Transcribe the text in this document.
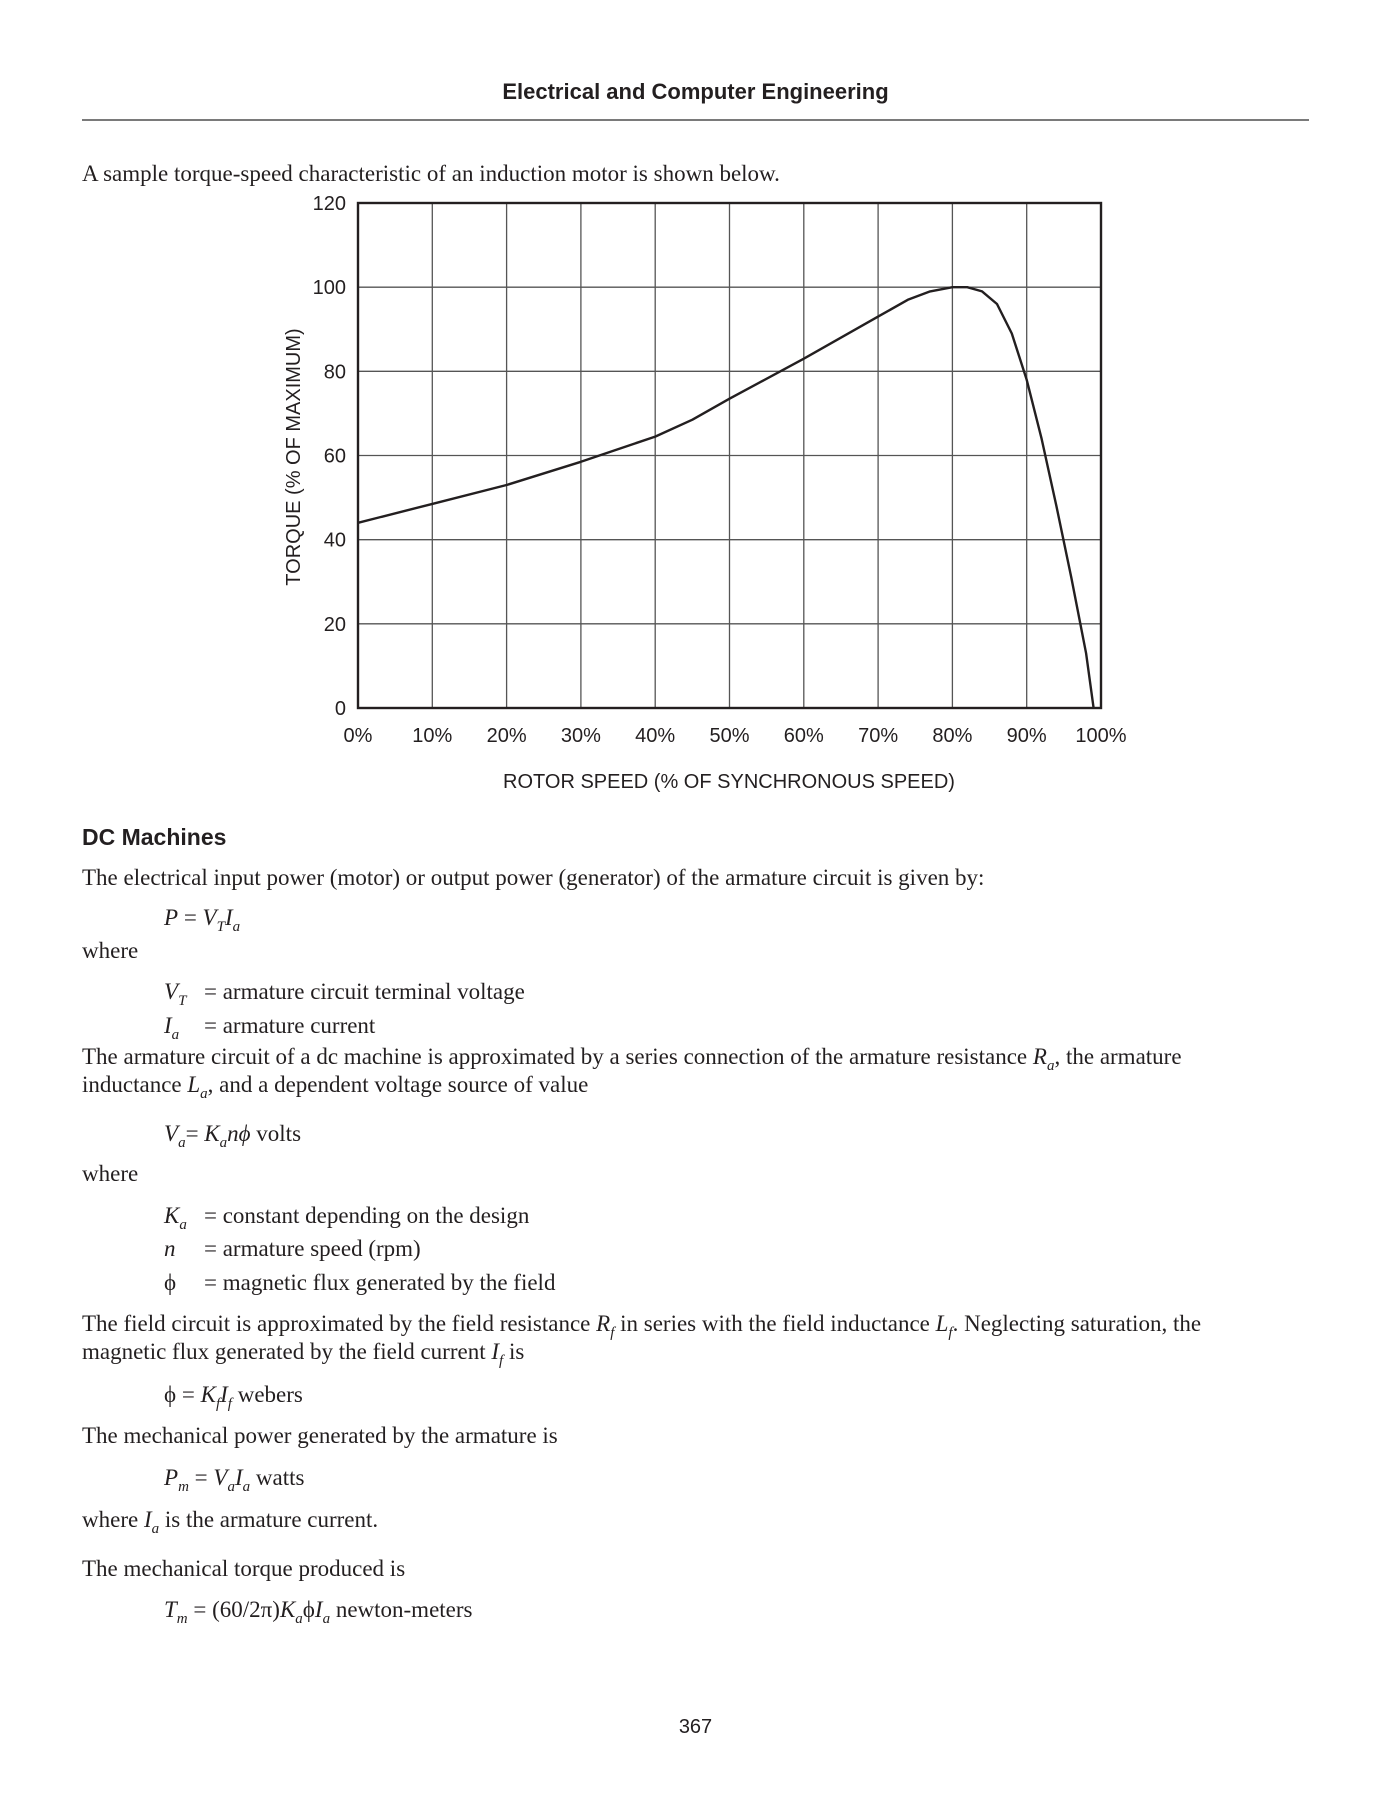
Electrical and Computer Engineering
A sample torque-speed characteristic of an induction motor is shown below.
0
20
40
60
80
100
120
0% 10% 20% 30% 40% 50% 60% 70% 80% 90% 100%
TORQUE (% OF MAXIMUM)
ROTOR SPEED (% OF SYNCHRONOUS SPEED)
DC Machines
The electrical input power (motor) or output power (generator) of the armature circuit is given by:
$P = V_TI_a$
where
$V_T$ = armature circuit terminal voltage
$I_a$ = armature current
The armature circuit of a dc machine is approximated by a series connection of the armature resistance $R_a$, the armature
inductance $L_a$, and a dependent voltage source of value
$V_a= K_an\phi$ volts
where
$K_a$ = constant depending on the design
n = armature speed (rpm)
ϕ = magnetic flux generated by the field
The field circuit is approximated by the field resistance $R_f$ in series with the field inductance $L_f$. Neglecting saturation, the
magnetic flux generated by the field current $I_f$ is
$\phi = K_fI_f$ webers
The mechanical power generated by the armature is
$P_m = V_aI_a$ watts
where $I_a$ is the armature current.
The mechanical torque produced is
$T_m = (60/2\pi)K_a\phi I_a$ newton-meters
367
